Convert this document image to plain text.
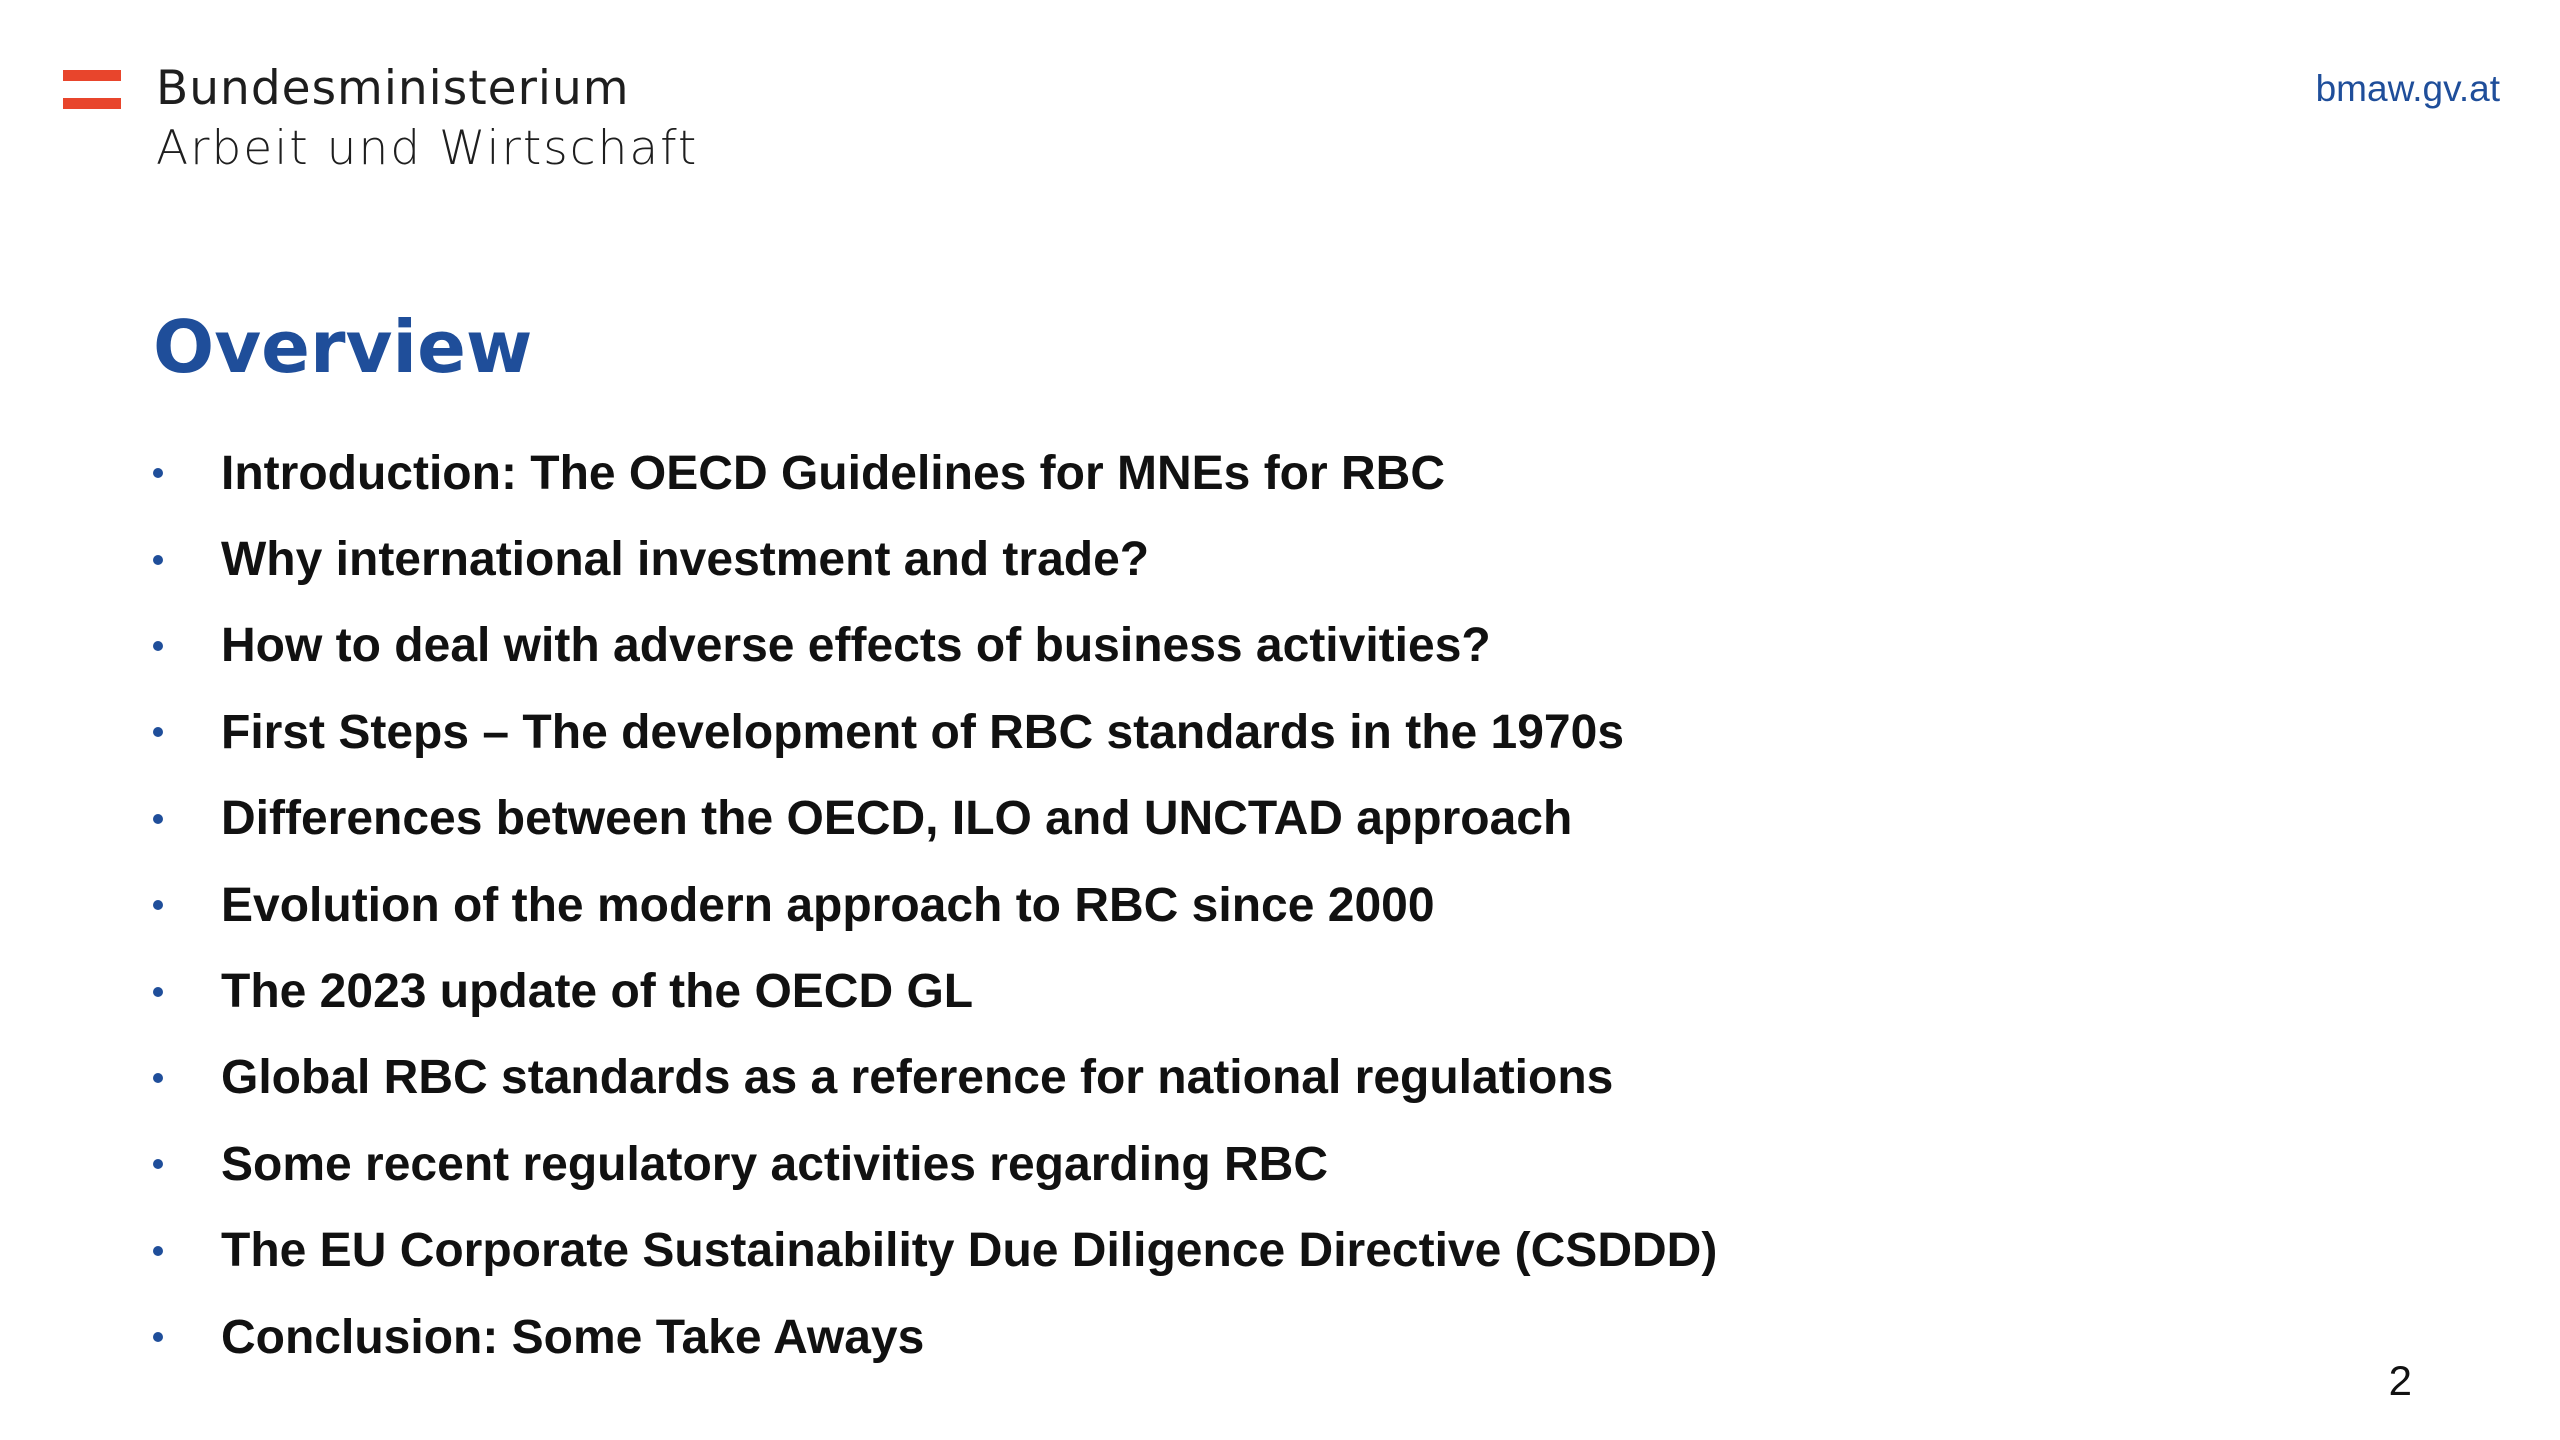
Bundesministerium
Arbeit und Wirtschaft
bmaw.gv.at
Overview
Introduction: The OECD Guidelines for MNEs for RBC
Why international investment and trade?
How to deal with adverse effects of business activities?
First Steps – The development of RBC standards in the 1970s
Differences between the OECD, ILO and UNCTAD approach
Evolution of the modern approach to RBC since 2000
The 2023 update of the OECD GL
Global RBC standards as a reference for national regulations
Some recent regulatory activities regarding RBC
The EU Corporate Sustainability Due Diligence Directive (CSDDD)
Conclusion: Some Take Aways
2
